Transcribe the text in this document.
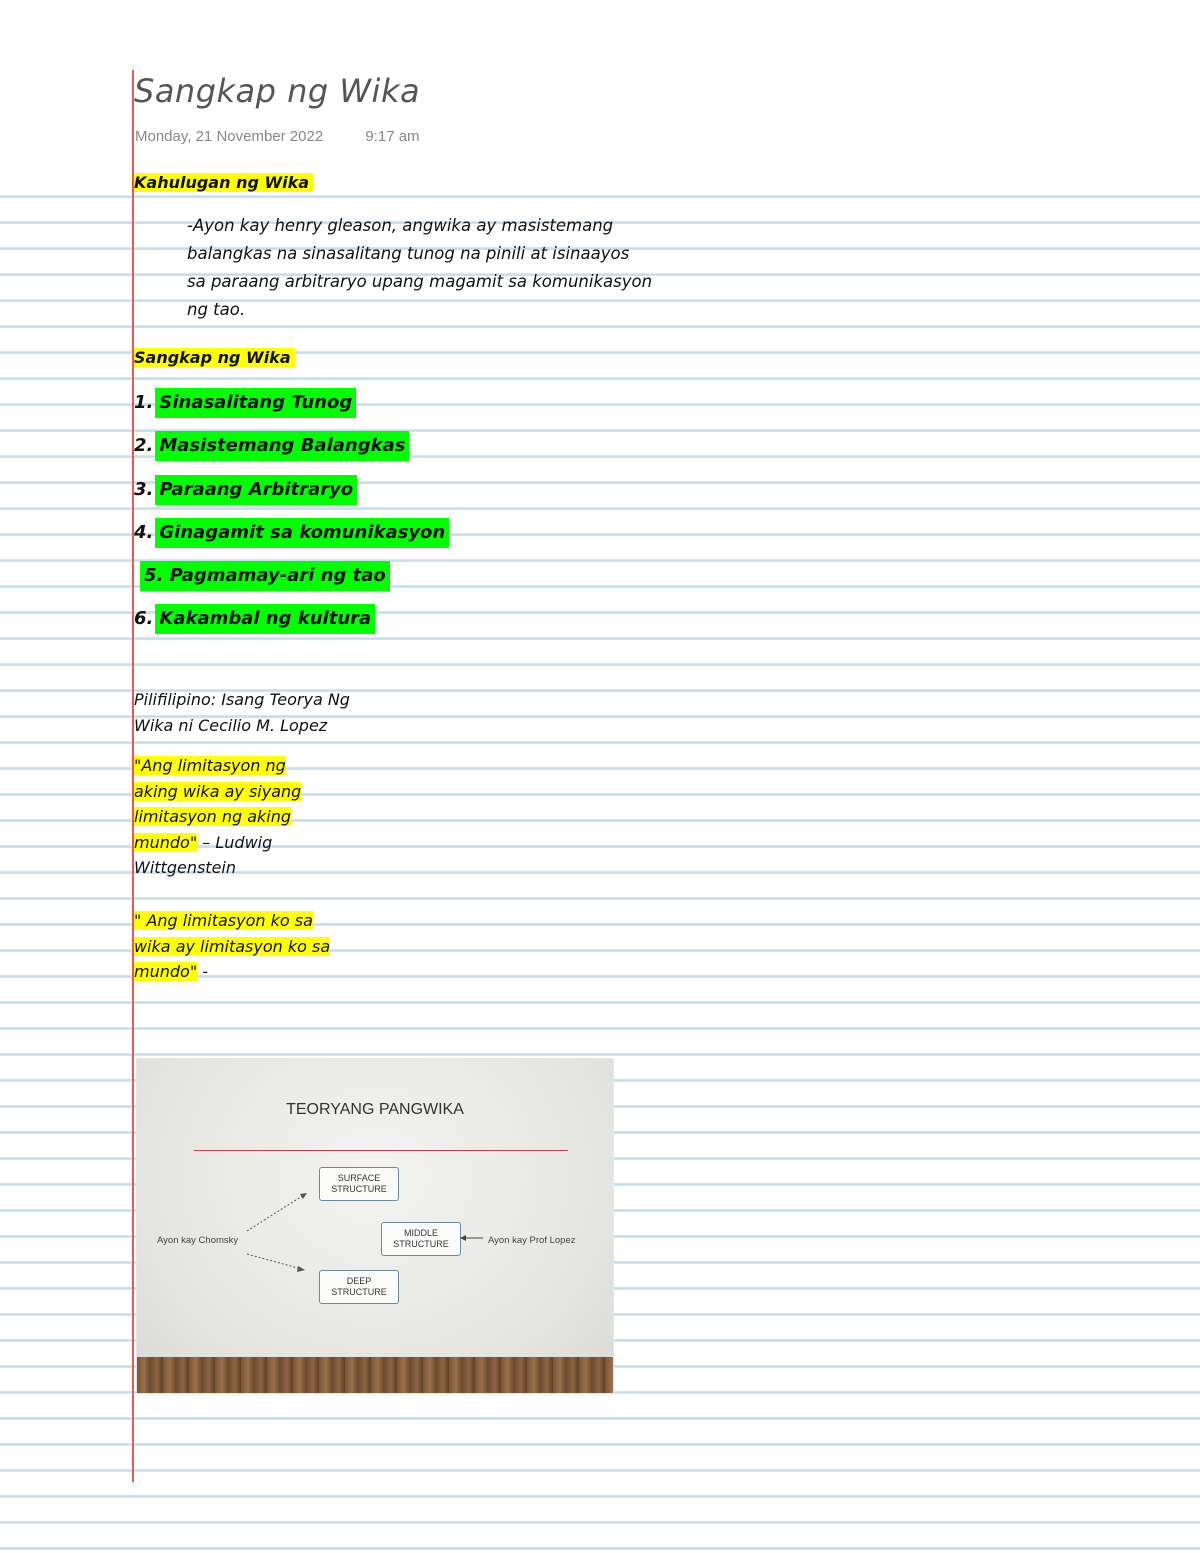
Sangkap ng Wika
Monday, 21 November 2022	9:17 am
Kahulugan ng Wika
-Ayon kay henry gleason, angwika ay masistemang
balangkas na sinasalitang tunog na pinili at isinaayos
sa paraang arbitraryo upang magamit sa komunikasyon
ng tao.
Sangkap ng Wika
1. Sinasalitang Tunog
2. Masistemang Balangkas
3. Paraang Arbitraryo
4. Ginagamit sa komunikasyon
5. Pagmamay-ari ng tao
6. Kakambal ng kultura
Pilifilipino: Isang Teorya Ng
Wika ni Cecilio M. Lopez
"Ang limitasyon ng
aking wika ay siyang
limitasyon ng aking
mundo" – Ludwig
Wittgenstein
" Ang limitasyon ko sa
wika ay limitasyon ko sa
mundo" -
TEORYANG PANGWIKA
SURFACE
STRUCTURE
MIDDLE
STRUCTURE
DEEP
STRUCTURE
Ayon kay Chomsky	Ayon kay Prof Lopez
